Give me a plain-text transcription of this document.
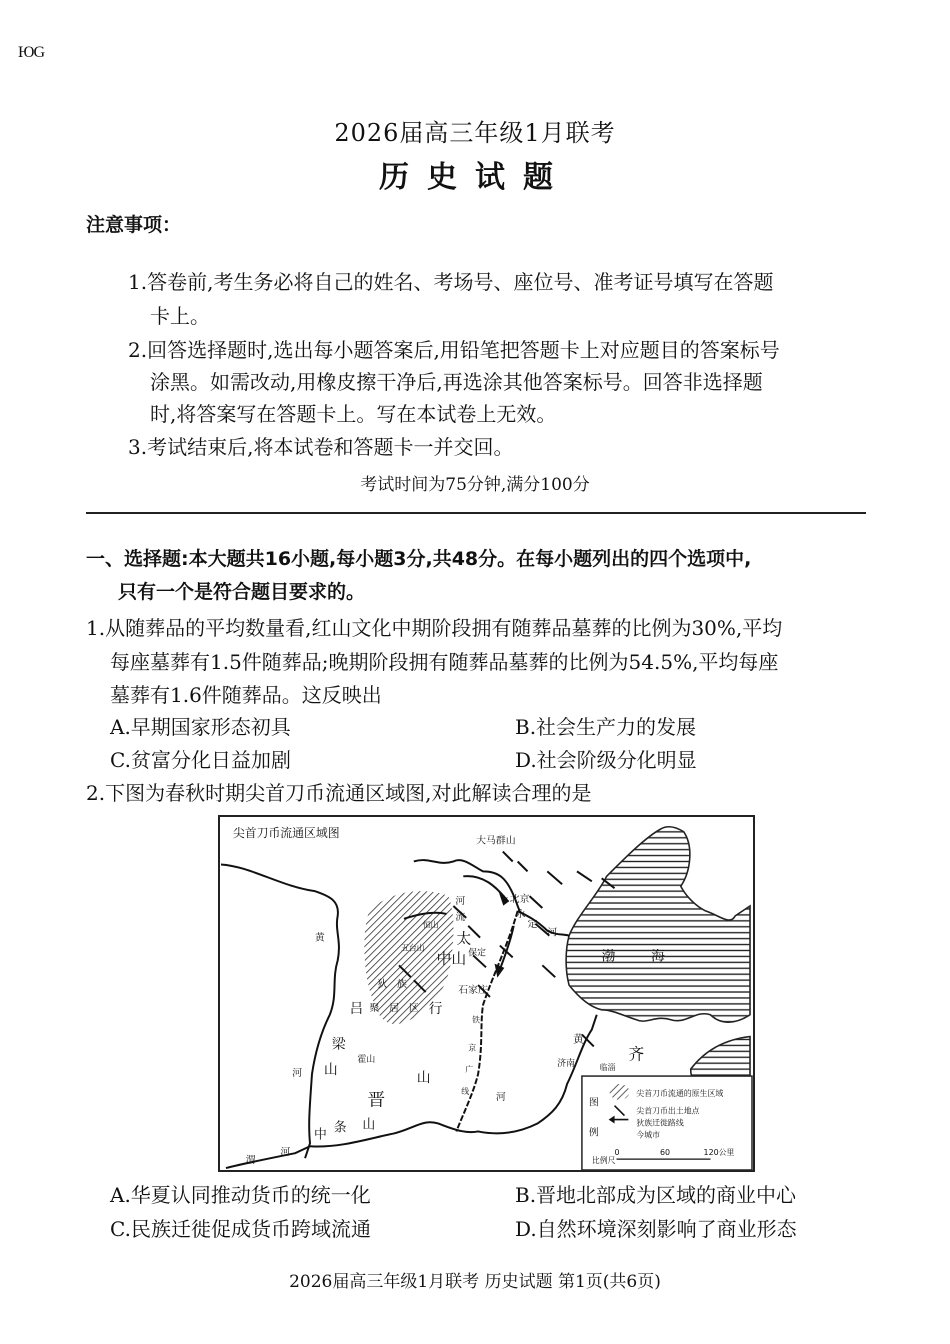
ЮG
2026届高三年级1月联考
历史试题
注意事项：
1.答卷前,考生务必将自己的姓名、考场号、座位号、准考证号填写在答题
卡上。
2.回答选择题时,选出每小题答案后,用铅笔把答题卡上对应题目的答案标号
涂黑。如需改动,用橡皮擦干净后,再选涂其他答案标号。回答非选择题
时,将答案写在答题卡上。写在本试卷上无效。
3.考试结束后,将本试卷和答题卡一并交回。
考试时间为75分钟,满分100分
一、选择题:本大题共16小题,每小题3分,共48分。在每小题列出的四个选项中,
只有一个是符合题目要求的。
1.从随葬品的平均数量看,红山文化中期阶段拥有随葬品墓葬的比例为30%,平均
每座墓葬有1.5件随葬品;晚期阶段拥有随葬品墓葬的比例为54.5%,平均每座
墓葬有1.6件随葬品。这反映出
A.早期国家形态初具	B.社会生产力的发展
C.贫富分化日益加剧	D.社会阶级分化明显
2.下图为春秋时期尖首刀币流通区域图,对此解读合理的是
尖首刀币流通区域图
大马群山
北京
★
永
定
河
渤	海
河
流
恒山
五台山
太
中山 保定
石家庄
狄 族
聚 居 区 行
吕
梁
山
霍山
晋
山
中 条 山
黄
河
渭
河
铁
京
广
线
黄
河
济南	临淄
齐
图
例
尖首刀币流通的原生区域
尖首刀币出土地点
狄族迁徙路线
今城市
比例尺
0	60	120公里
A.华夏认同推动货币的统一化	B.晋地北部成为区域的商业中心
C.民族迁徙促成货币跨域流通	D.自然环境深刻影响了商业形态
2026届高三年级1月联考 历史试题 第1页(共6页)
